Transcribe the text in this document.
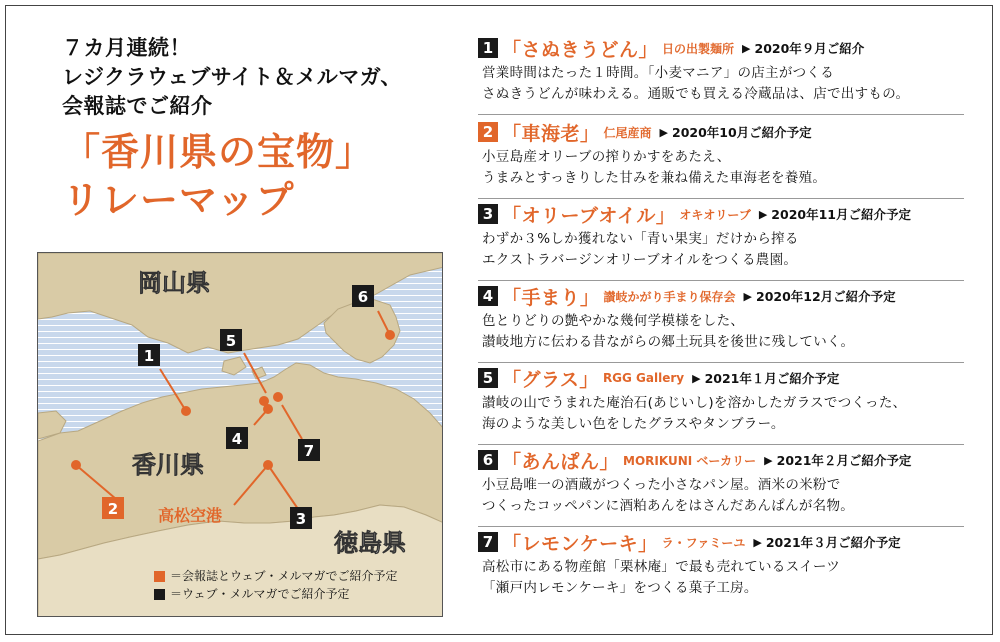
７カ月連続！
レジクラウェブサイト＆メルマガ、
会報誌でご紹介
「香川県の宝物」
リレーマップ
1
2
3
4
5
6
7
岡山県
香川県
高松空港
徳島県
＝会報誌とウェブ・メルマガでご紹介予定
＝ウェブ・メルマガでご紹介予定
1 「さぬきうどん」 日の出製麺所 ▶ 2020年９月ご紹介
営業時間はたった１時間。「小麦マニア」の店主がつくる
さぬきうどんが味わえる。通販でも買える冷蔵品は、店で出すもの。
2 「車海老」 仁尾産商 ▶ 2020年10月ご紹介予定
小豆島産オリーブの搾りかすをあたえ、
うまみとすっきりした甘みを兼ね備えた車海老を養殖。
3 「オリーブオイル」 オキオリーブ ▶ 2020年11月ご紹介予定
わずか３%しか獲れない「青い果実」だけから搾る
エクストラバージンオリーブオイルをつくる農園。
4 「手まり」 讃岐かがり手まり保存会 ▶ 2020年12月ご紹介予定
色とりどりの艶やかな幾何学模様をした、
讃岐地方に伝わる昔ながらの郷土玩具を後世に残していく。
5 「グラス」 RGG Gallery ▶ 2021年１月ご紹介予定
讃岐の山でうまれた庵治石(あじいし)を溶かしたガラスでつくった、
海のような美しい色をしたグラスやタンブラー。
6 「あんぱん」 MORIKUNI ベーカリー ▶ 2021年２月ご紹介予定
小豆島唯一の酒蔵がつくった小さなパン屋。酒米の米粉で
つくったコッペパンに酒粕あんをはさんだあんぱんが名物。
7 「レモンケーキ」 ラ・ファミーユ ▶ 2021年３月ご紹介予定
高松市にある物産館「栗林庵」で最も売れているスイーツ
「瀬戸内レモンケーキ」をつくる菓子工房。
